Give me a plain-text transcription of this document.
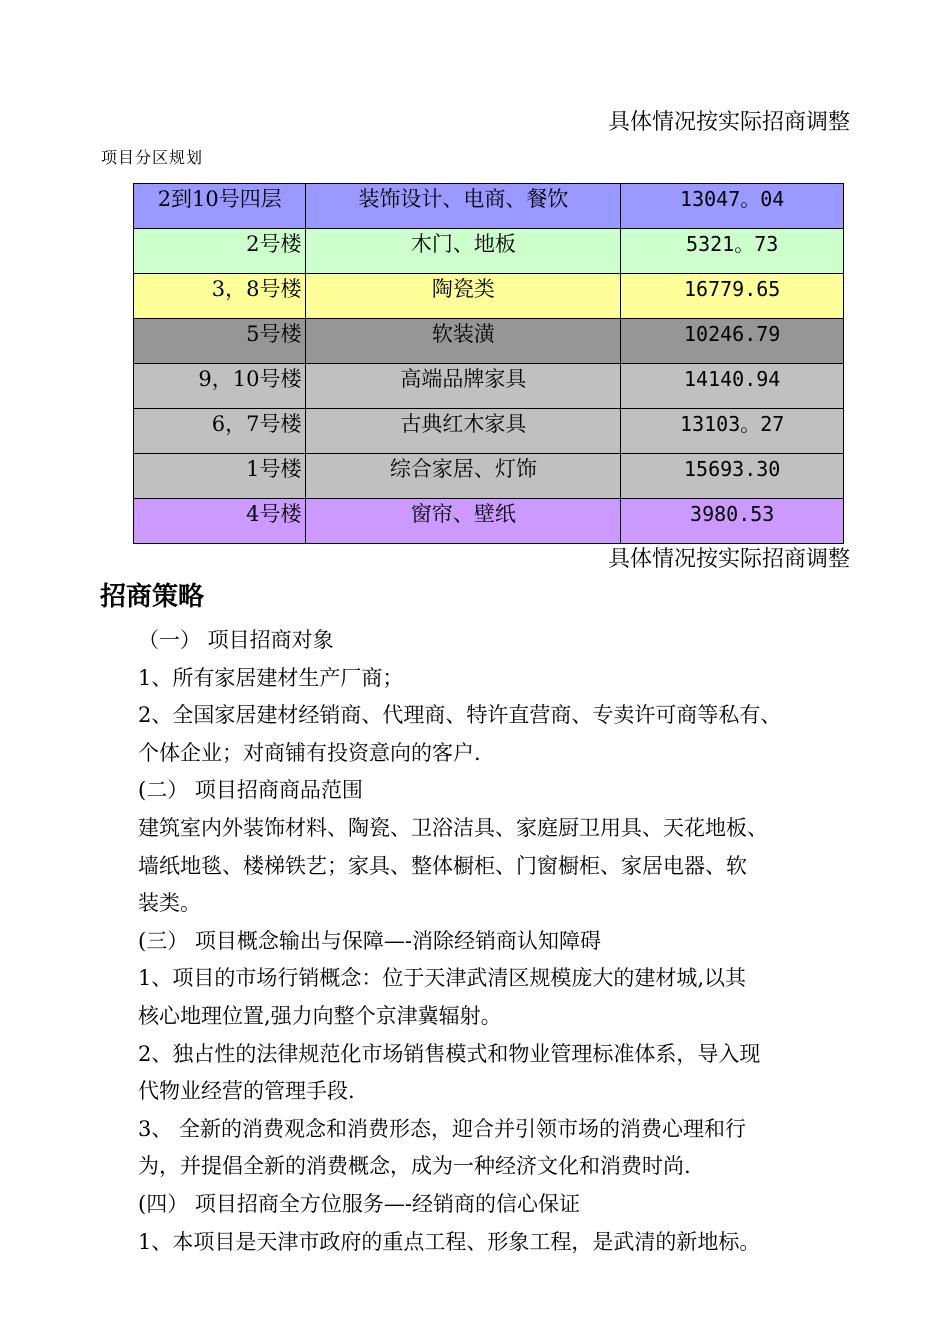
具体情况按实际招商调整
项目分区规划
2到10号四层	装饰设计、电商、餐饮	13047。04
2号楼	木门、地板	5321。73
3，8号楼	陶瓷类	16779.65
5号楼	软装潢	10246.79
9，10号楼	高端品牌家具	14140.94
6，7号楼	古典红木家具	13103。27
1号楼	综合家居、灯饰	15693.30
4号楼	窗帘、壁纸	3980.53
具体情况按实际招商调整
招商策略
（一） 项目招商对象
1、所有家居建材生产厂商；
2、全国家居建材经销商、代理商、特许直营商、专卖许可商等私有、
个体企业；对商铺有投资意向的客户.
(二） 项目招商商品范围
建筑室内外装饰材料、陶瓷、卫浴洁具、家庭厨卫用具、天花地板、
墙纸地毯、楼梯铁艺；家具、整体橱柜、门窗橱柜、家居电器、软
装类。
(三） 项目概念输出与保障—-消除经销商认知障碍
1、项目的市场行销概念：位于天津武清区规模庞大的建材城,以其
核心地理位置,强力向整个京津冀辐射。
2、独占性的法律规范化市场销售模式和物业管理标准体系，导入现
代物业经营的管理手段.
3、 全新的消费观念和消费形态，迎合并引领市场的消费心理和行
为，并提倡全新的消费概念，成为一种经济文化和消费时尚.
(四） 项目招商全方位服务—-经销商的信心保证
1、本项目是天津市政府的重点工程、形象工程，是武清的新地标。
